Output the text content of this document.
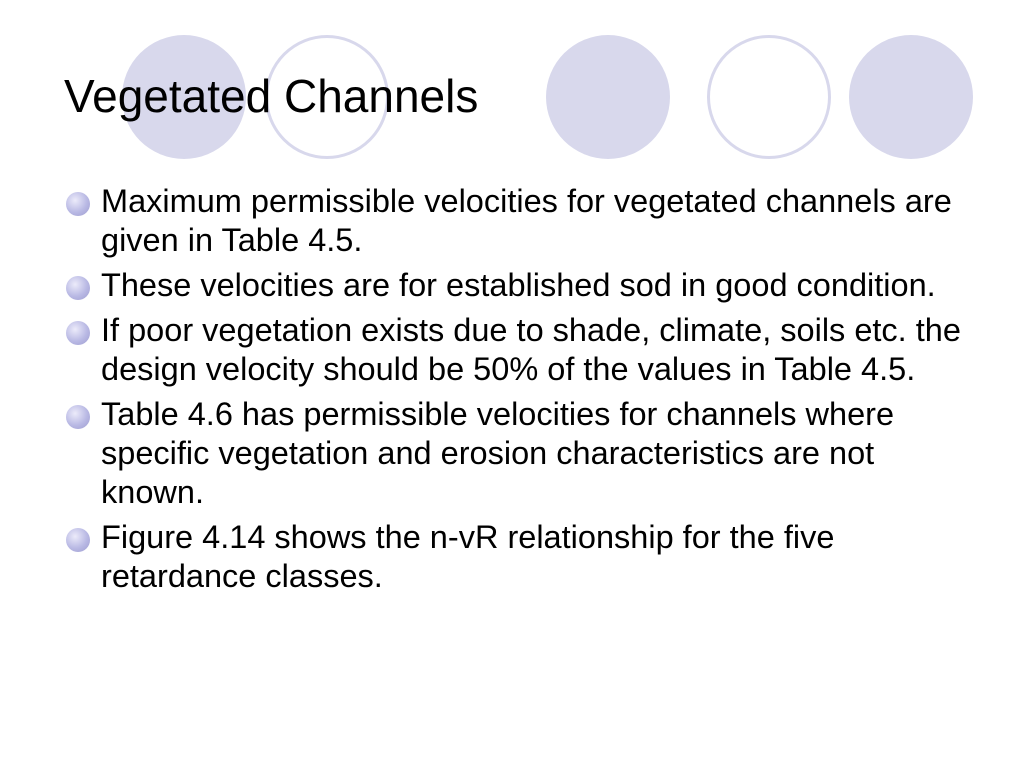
Vegetated Channels
Maximum permissible velocities for vegetated channels are given in Table 4.5.
These velocities are for established sod in good condition.
If poor vegetation exists due to shade, climate, soils etc. the design velocity should be 50% of the values in Table 4.5.
Table 4.6 has permissible velocities for channels where specific vegetation and erosion characteristics are not known.
Figure 4.14 shows the n-vR relationship for the five retardance classes.
